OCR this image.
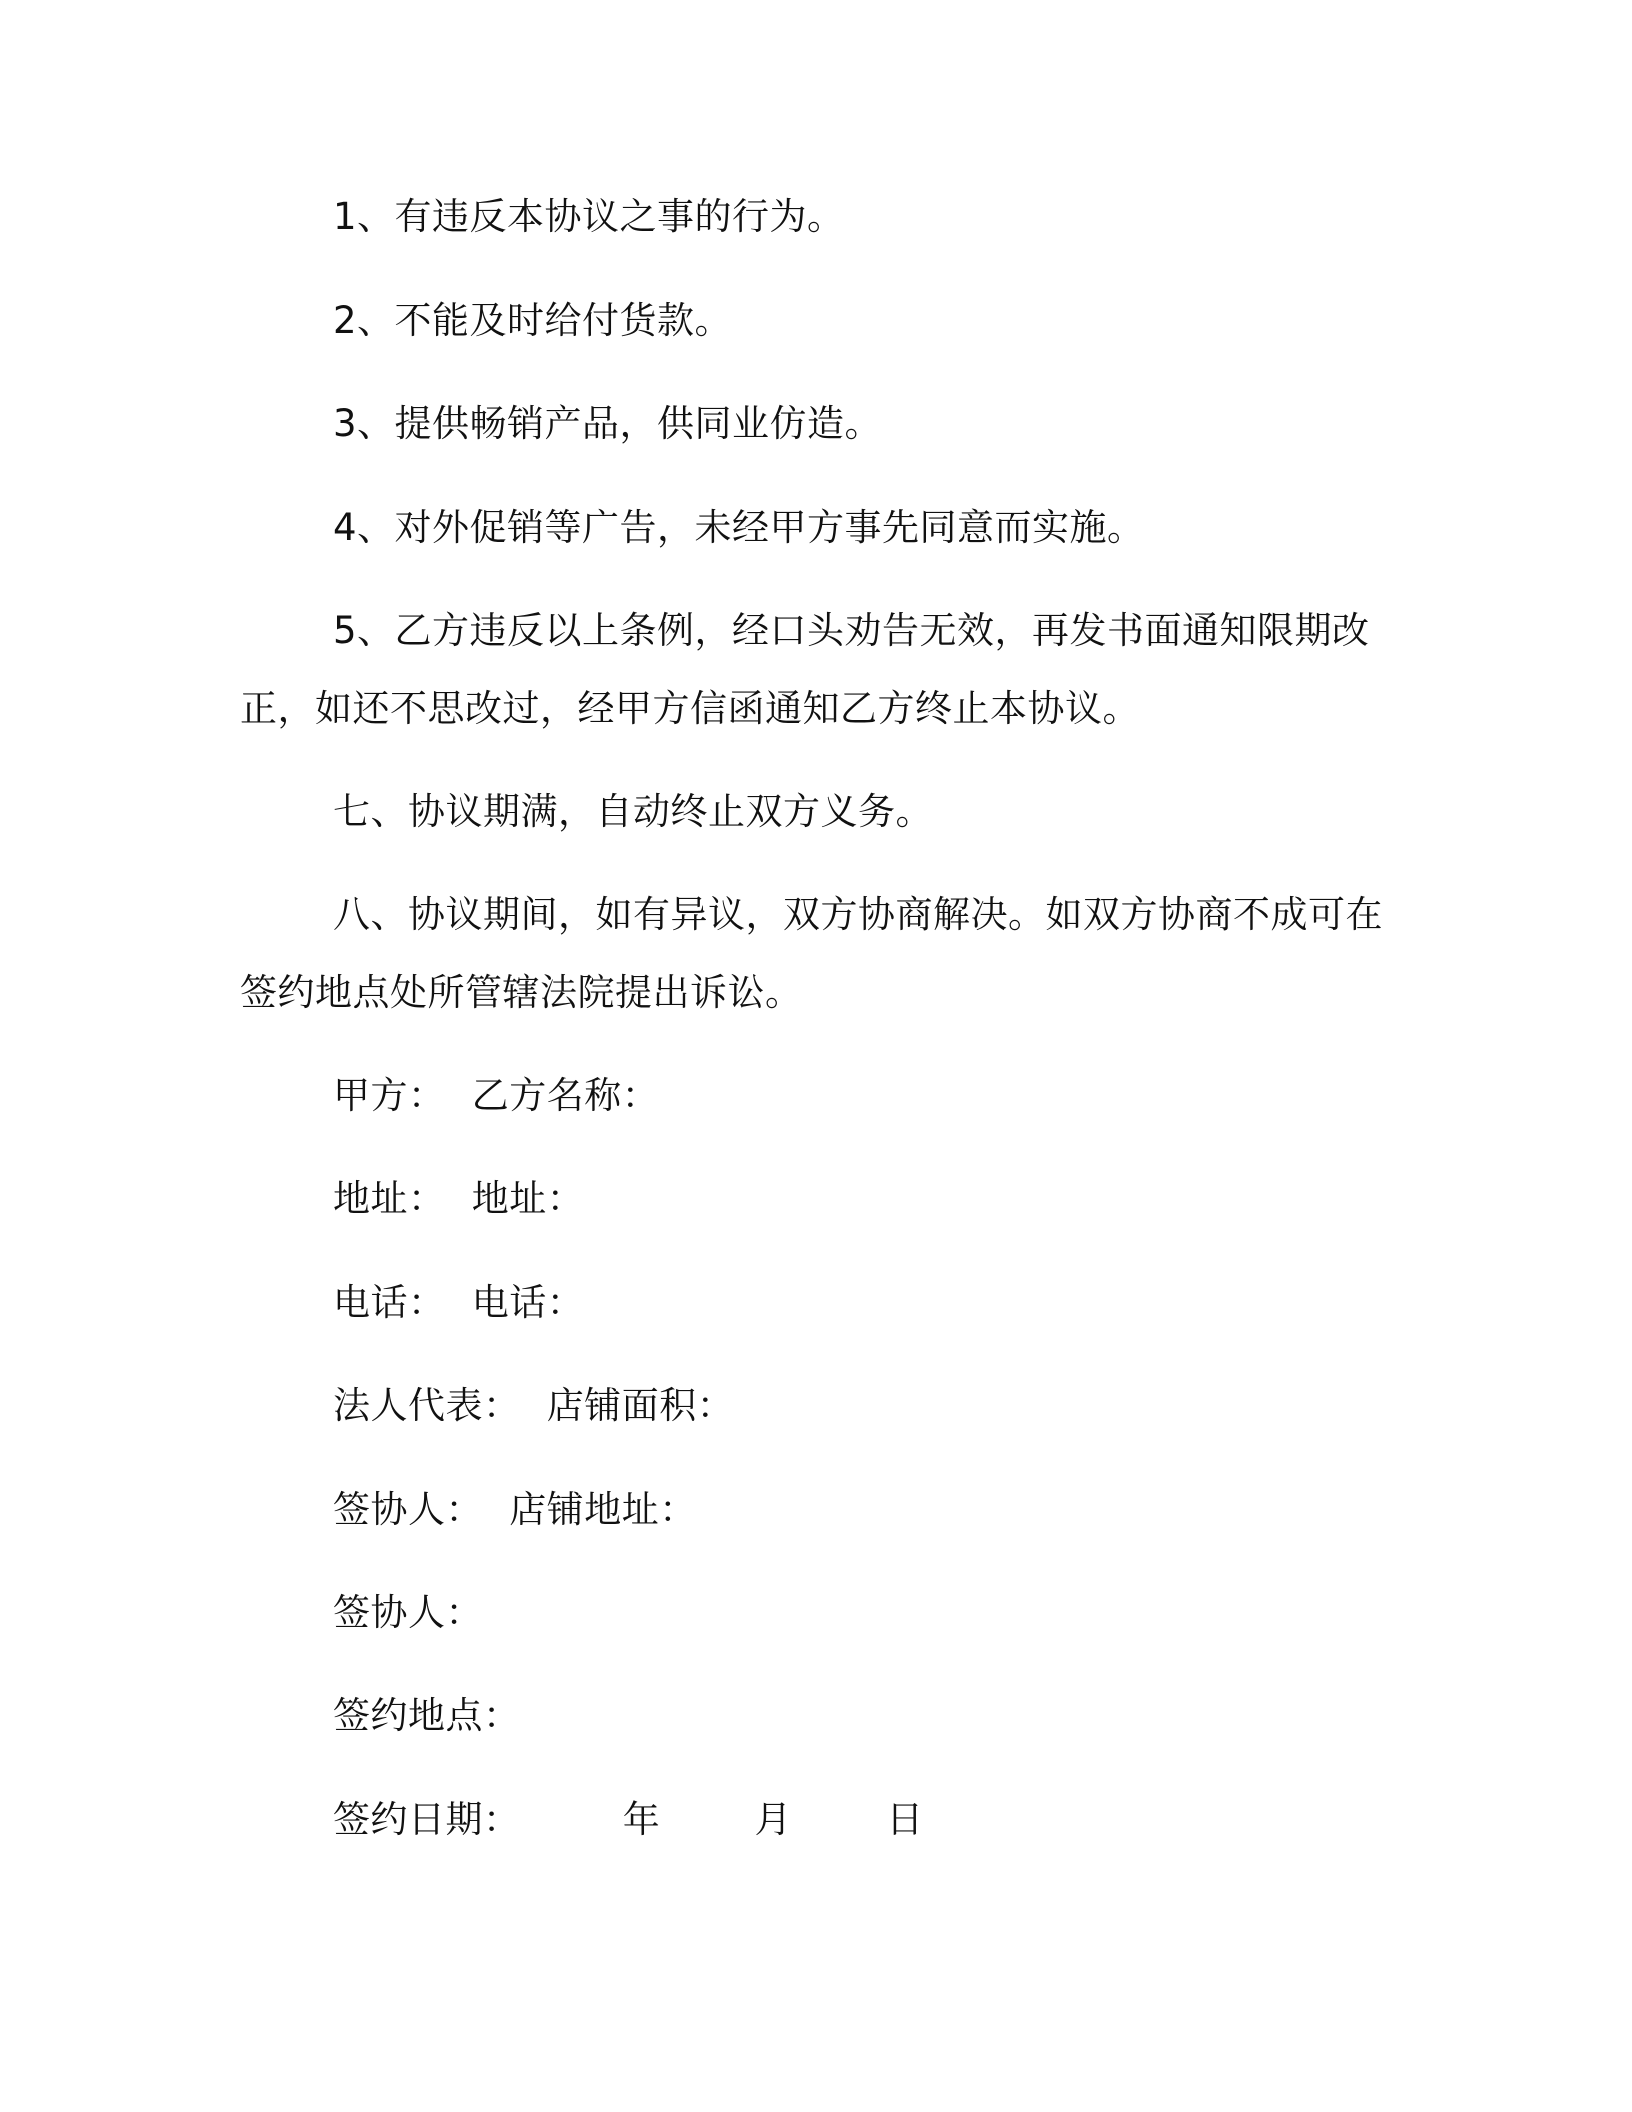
1、有违反本协议之事的行为。
2、不能及时给付货款。
3、提供畅销产品，供同业仿造。
4、对外促销等广告，未经甲方事先同意而实施。
5、乙方违反以上条例，经口头劝告无效，再发书面通知限期改
正，如还不思改过，经甲方信函通知乙方终止本协议。
七、协议期满，自动终止双方义务。
八、协议期间，如有异议，双方协商解决。如双方协商不成可在
签约地点处所管辖法院提出诉讼。
甲方： 乙方名称：
地址： 地址：
电话： 电话：
法人代表： 店铺面积：
签协人： 店铺地址：
签协人：
签约地点：
签约日期：	年	月	日
